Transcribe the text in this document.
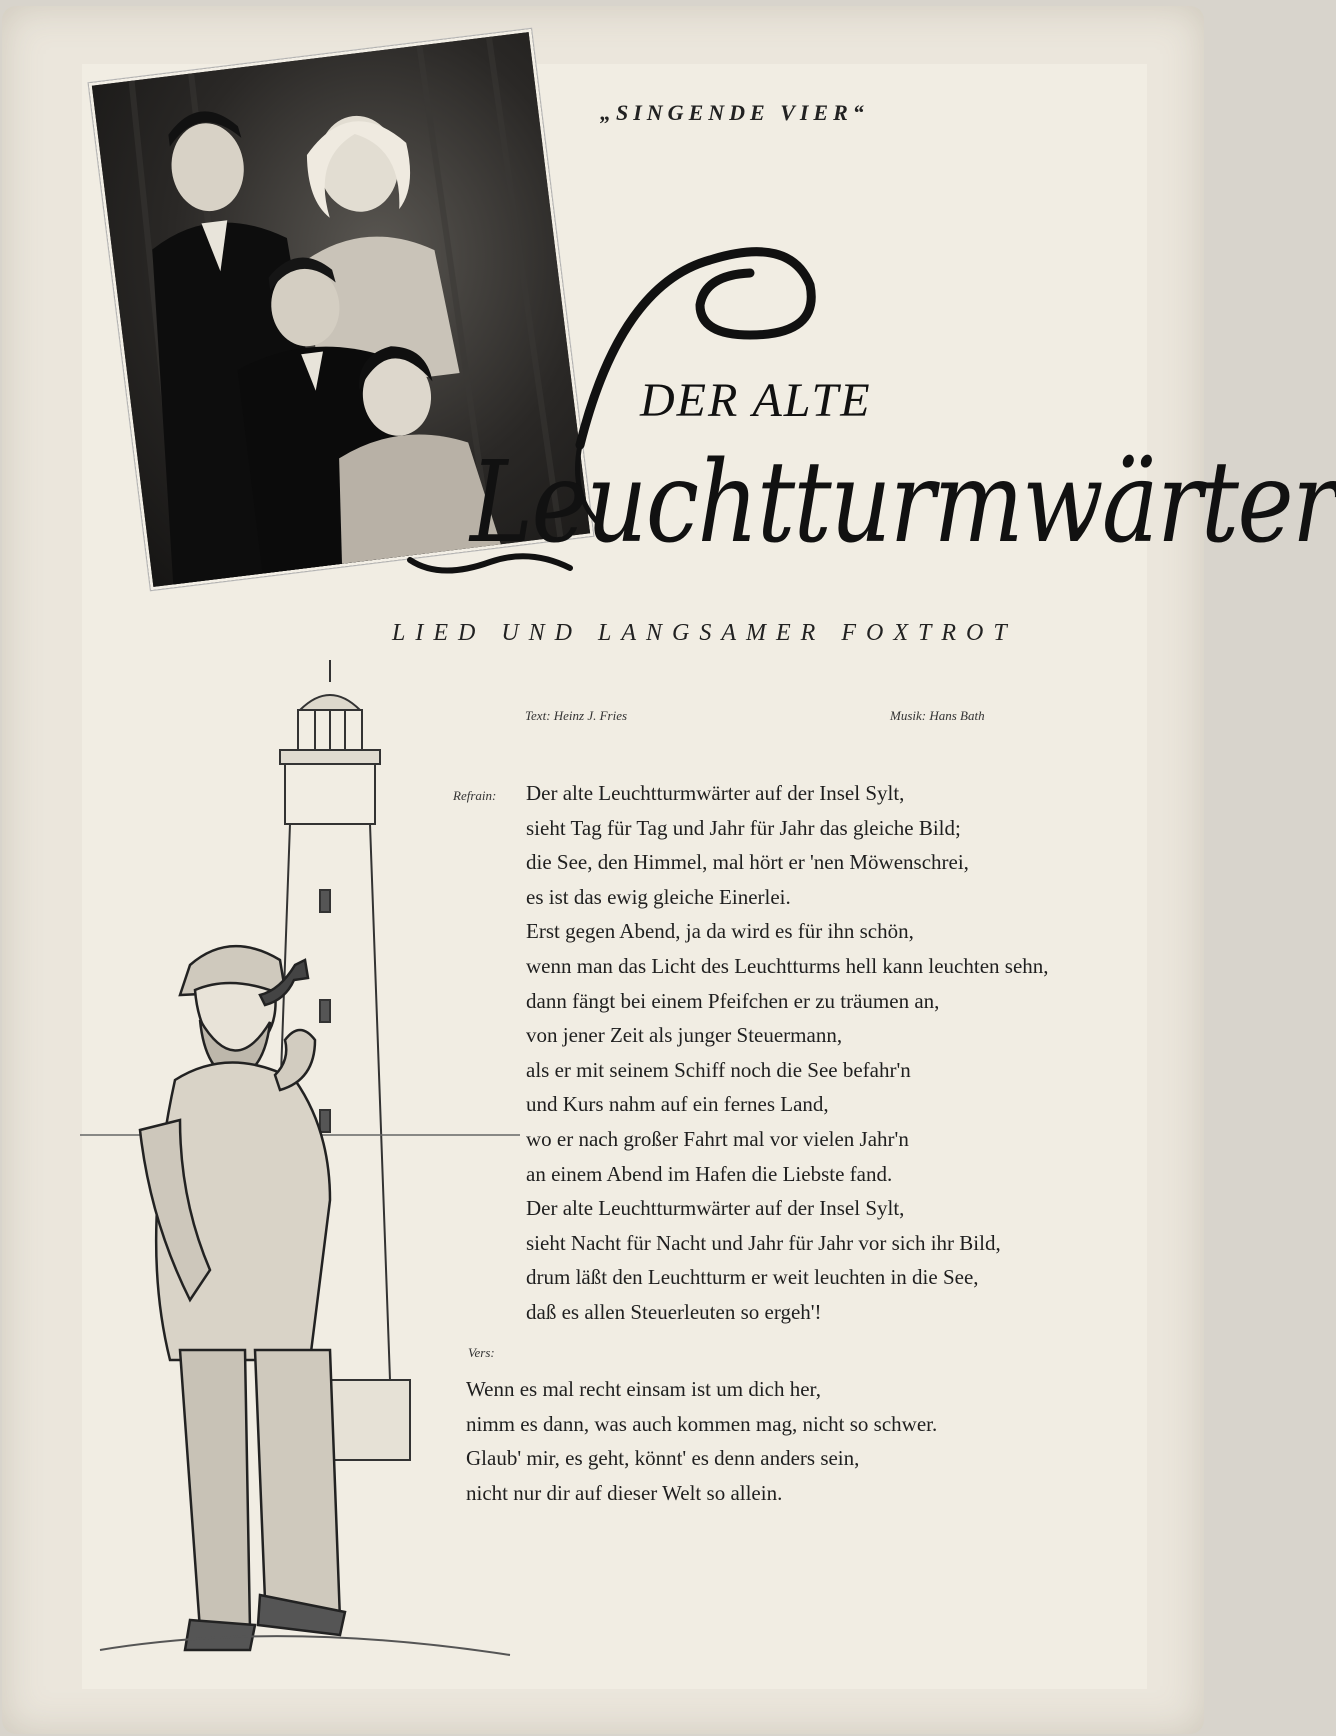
„SINGENDE VIER“
DER ALTE
Leuchtturmwärter
LIED UND LANGSAMER FOXTROT
Text: Heinz J. Fries	Musik: Hans Bath
Refrain: Der alte Leuchtturmwärter auf der Insel Sylt,
sieht Tag für Tag und Jahr für Jahr das gleiche Bild;
die See, den Himmel, mal hört er 'nen Möwenschrei,
es ist das ewig gleiche Einerlei.
Erst gegen Abend, ja da wird es für ihn schön,
wenn man das Licht des Leuchtturms hell kann leuchten sehn,
dann fängt bei einem Pfeifchen er zu träumen an,
von jener Zeit als junger Steuermann,
als er mit seinem Schiff noch die See befahr'n
und Kurs nahm auf ein fernes Land,
wo er nach großer Fahrt mal vor vielen Jahr'n
an einem Abend im Hafen die Liebste fand.
Der alte Leuchtturmwärter auf der Insel Sylt,
sieht Nacht für Nacht und Jahr für Jahr vor sich ihr Bild,
drum läßt den Leuchtturm er weit leuchten in die See,
daß es allen Steuerleuten so ergeh'!
Vers:
Wenn es mal recht einsam ist um dich her,
nimm es dann, was auch kommen mag, nicht so schwer.
Glaub' mir, es geht, könnt' es denn anders sein,
nicht nur dir auf dieser Welt so allein.
